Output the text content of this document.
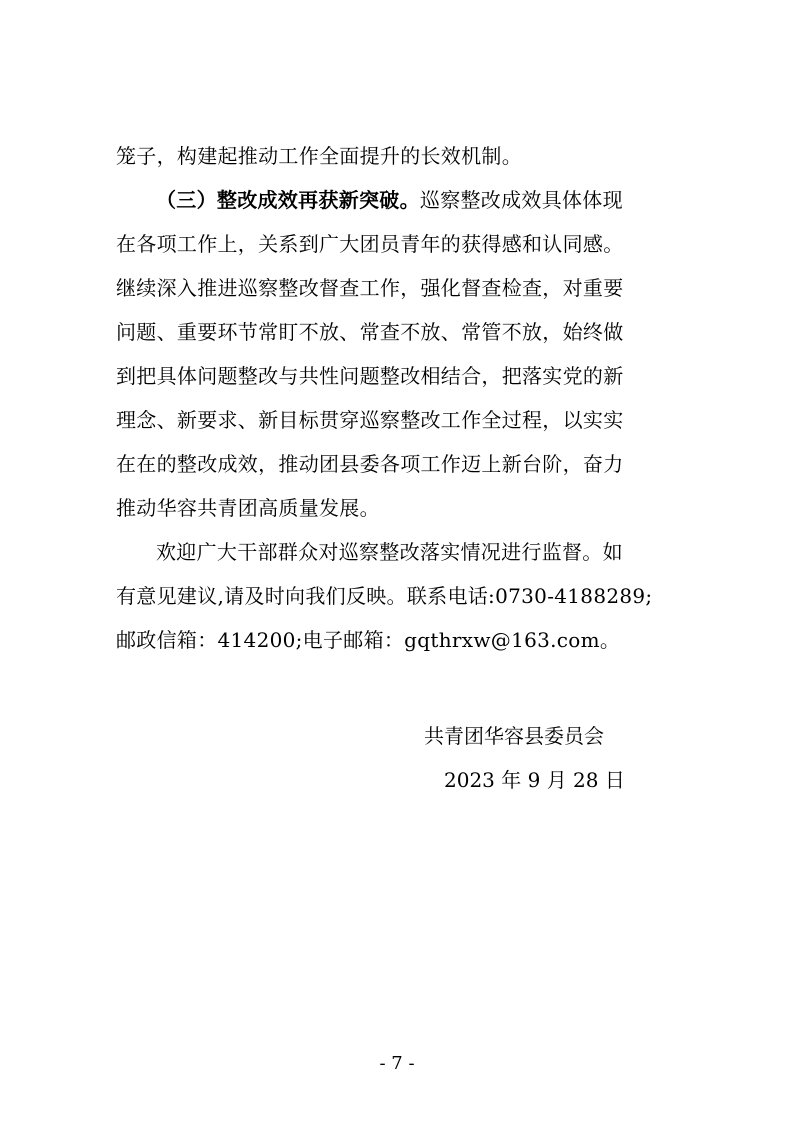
笼子，构建起推动工作全面提升的长效机制。
（三）整改成效再获新突破。巡察整改成效具体体现
在各项工作上，关系到广大团员青年的获得感和认同感。
继续深入推进巡察整改督查工作，强化督查检查，对重要
问题、重要环节常盯不放、常查不放、常管不放，始终做
到把具体问题整改与共性问题整改相结合，把落实党的新
理念、新要求、新目标贯穿巡察整改工作全过程，以实实
在在的整改成效，推动团县委各项工作迈上新台阶，奋力
推动华容共青团高质量发展。
欢迎广大干部群众对巡察整改落实情况进行监督。如
有意见建议,请及时向我们反映。联系电话:0730-4188289;
邮政信箱：414200;电子邮箱：gqthrxw@163.com。
共青团华容县委员会
2023 年 9 月 28 日
- 7 -
